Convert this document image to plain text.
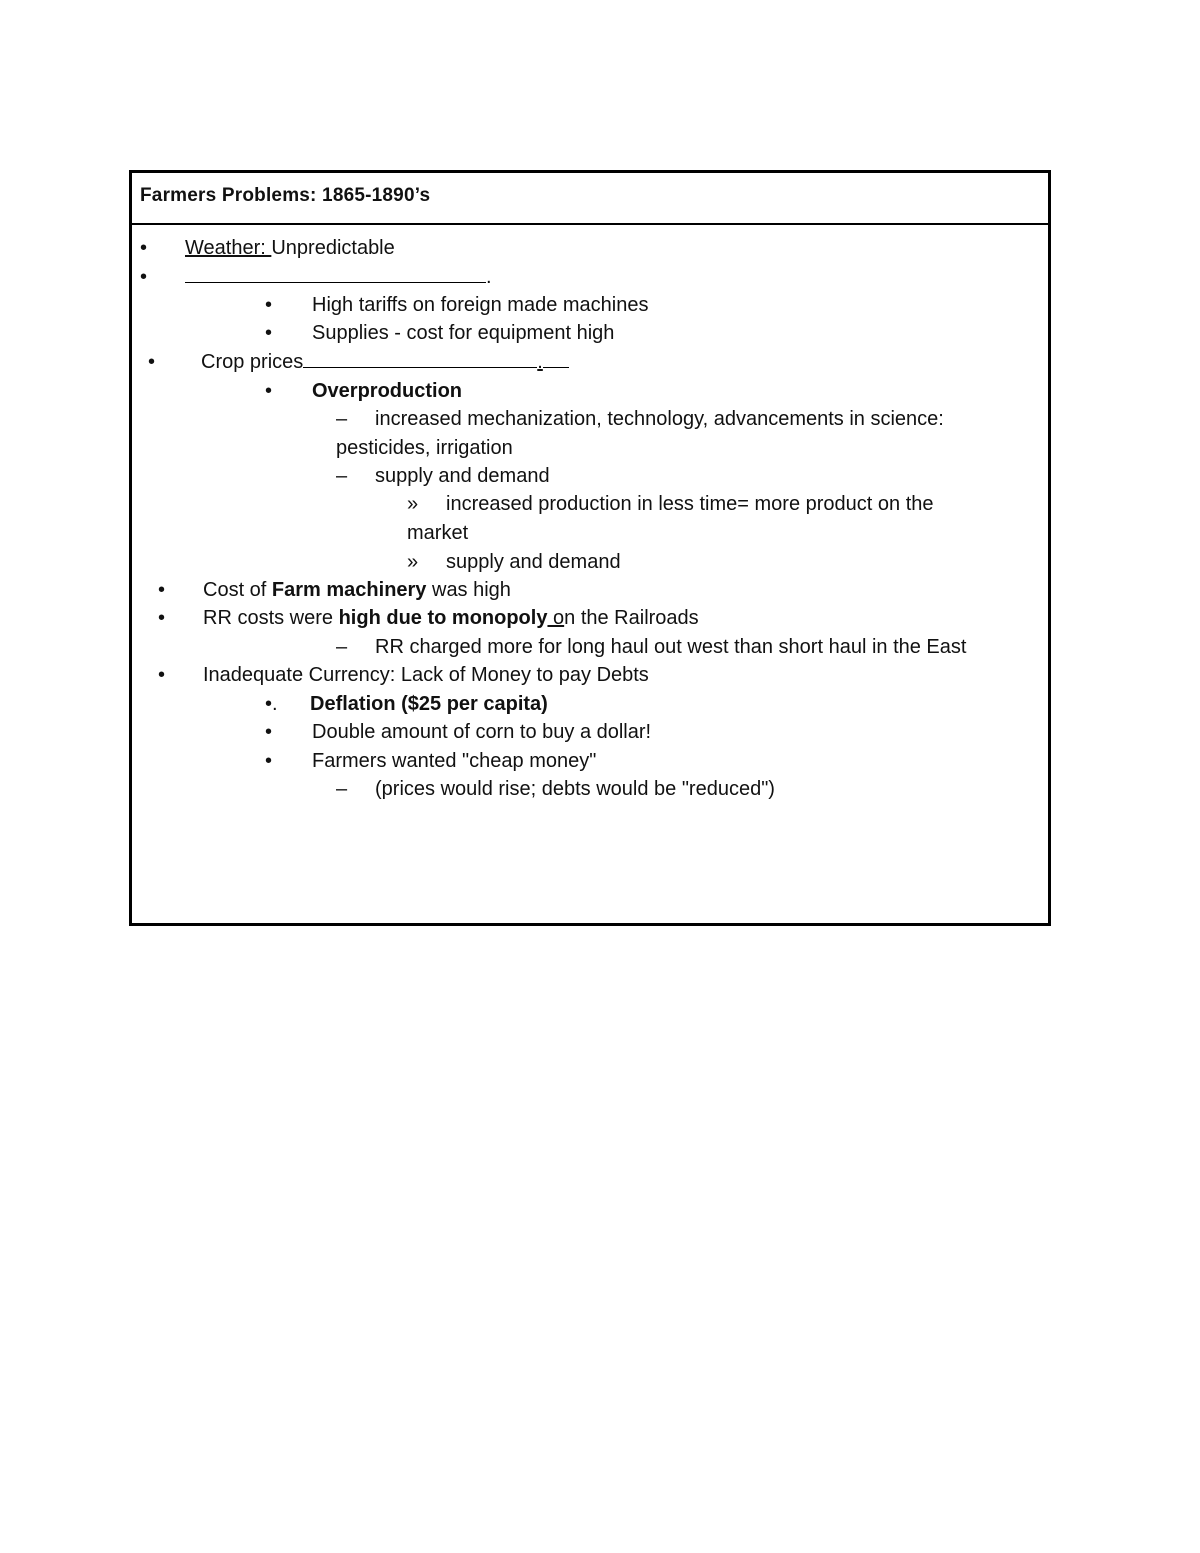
Farmers Problems: 1865-1890’s
• Weather: Unpredictable
•	.
• High tariffs on foreign made machines
• Supplies - cost for equipment high
• Crop prices	.
• Overproduction
– increased mechanization, technology, advancements in science:
pesticides, irrigation
– supply and demand
» increased production in less time= more product on the
market
» supply and demand
• Cost of Farm machinery was high
• RR costs were high due to monopoly on the Railroads
– RR charged more for long haul out west than short haul in the East
• Inadequate Currency: Lack of Money to pay Debts
•. Deflation ($25 per capita)
• Double amount of corn to buy a dollar!
• Farmers wanted "cheap money"
– (prices would rise; debts would be "reduced")
